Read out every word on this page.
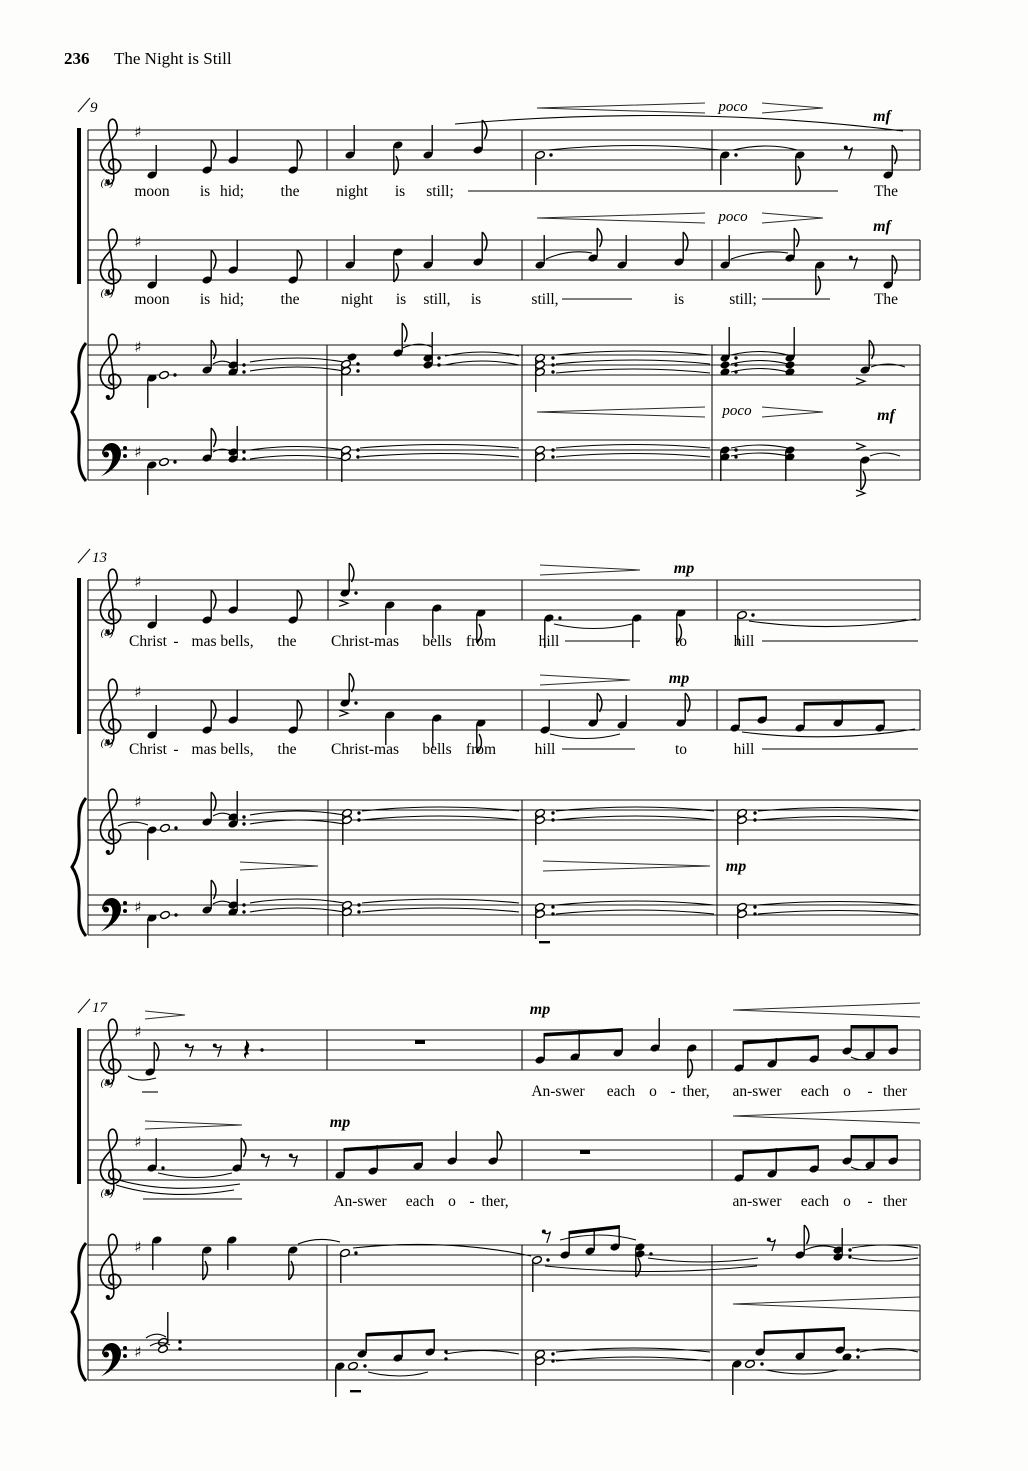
236 The Night is Still
9
(8)
(8)
♯
♯
♯
♯
poco
mf
moon is hid; the night is still;	The
poco
mf
moon is hid; the	night is still, is	still,	is	still;	The
poco	mf
13
(8)
(8)
♯
♯
♯
♯
mp
Christ - mas bells, the Christ-mas bells from	hill	to	hill
mp
Christ - mas bells, the Christ-mas bells from hill	to	hill
mp
17
(8)
(8)
♯
♯
♯
♯
mp
An-swer each o - ther, an-swer each o - ther
mp
An-swer each o - ther,	an-swer each o - ther
